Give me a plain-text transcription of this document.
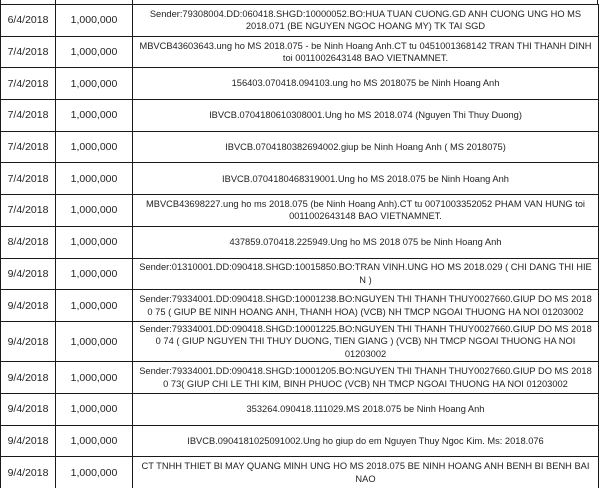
6/4/2018	1,000,000	Sender:79308004.DD:060418.SHGD:10000052.BO:HUA TUAN CUONG.GD ANH CUONG UNG HO MS 2018.071 (BE NGUYEN NGOC HOANG MY) TK TAI SGD
7/4/2018	1,000,000	MBVCB43603643.ung ho MS 2018.075 - be Ninh Hoang Anh.CT tu 0451001368142 TRAN THI THANH DINH toi 0011002643148 BAO VIETNAMNET.
7/4/2018	1,000,000	156403.070418.094103.ung ho MS 2018075 be Ninh Hoang Anh
7/4/2018	1,000,000	IBVCB.0704180610308001.Ung ho MS 2018.074 (Nguyen Thi Thuy Duong)
7/4/2018	1,000,000	IBVCB.0704180382694002.giup be Ninh Hoang Anh ( MS 2018075)
7/4/2018	1,000,000	IBVCB.0704180468319001.Ung ho MS 2018.075 be Ninh Hoang Anh
7/4/2018	1,000,000	MBVCB43698227.ung ho ms 2018.075 (be Ninh Hoang Anh).CT tu 0071003352052 PHAM VAN HUNG toi 0011002643148 BAO VIETNAMNET.
8/4/2018	1,000,000	437859.070418.225949.Ung ho MS 2018 075 be Ninh Hoang Anh
9/4/2018	1,000,000	Sender:01310001.DD:090418.SHGD:10015850.BO:TRAN VINH.UNG HO MS 2018.029 ( CHI DANG THI HIE N )
9/4/2018	1,000,000	Sender:79334001.DD:090418.SHGD:10001238.BO:NGUYEN THI THANH THUY0027660.GIUP DO MS 2018 0 75 ( GIUP BE NINH HOANG ANH, THANH HOA) (VCB) NH TMCP NGOAI THUONG HA NOI 01203002
9/4/2018	1,000,000	Sender:79334001.DD:090418.SHGD:10001225.BO:NGUYEN THI THANH THUY0027660.GIUP DO MS 2018 0 74 ( GIUP NGUYEN THI THUY DUONG, TIEN GIANG ) (VCB) NH TMCP NGOAI THUONG HA NOI 01203002
9/4/2018	1,000,000	Sender:79334001.DD:090418.SHGD:10001205.BO:NGUYEN THI THANH THUY0027660.GIUP DO MS 2018 0 73( GIUP CHI LE THI KIM, BINH PHUOC (VCB) NH TMCP NGOAI THUONG HA NOI 01203002
9/4/2018	1,000,000	353264.090418.111029.MS 2018.075 be Ninh Hoang Anh
9/4/2018	1,000,000	IBVCB.0904181025091002.Ung ho giup do em Nguyen Thuy Ngoc Kim. Ms: 2018.076
9/4/2018	1,000,000	CT TNHH THIET BI MAY QUANG MINH UNG HO MS 2018.075 BE NINH HOANG ANH BENH BI BENH BAI NAO
